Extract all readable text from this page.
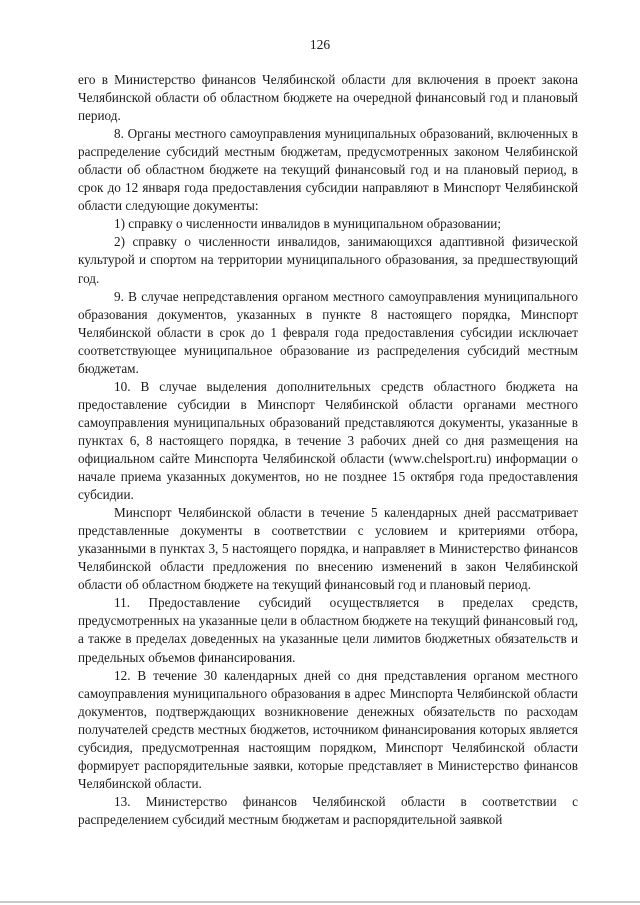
126

его в Министерство финансов Челябинской области для включения в проект закона Челябинской области об областном бюджете на очередной финансовый год и плановый период.

8. Органы местного самоуправления муниципальных образований, включенных в распределение субсидий местным бюджетам, предусмотренных законом Челябинской области об областном бюджете на текущий финансовый год и на плановый период, в срок до 12 января года предоставления субсидии направляют в Минспорт Челябинской области следующие документы:

1) справку о численности инвалидов в муниципальном образовании;

2) справку о численности инвалидов, занимающихся адаптивной физической культурой и спортом на территории муниципального образования, за предшествующий год.

9. В случае непредставления органом местного самоуправления муниципального образования документов, указанных в пункте 8 настоящего порядка, Минспорт Челябинской области в срок до 1 февраля года предоставления субсидии исключает соответствующее муниципальное образование из распределения субсидий местным бюджетам.

10. В случае выделения дополнительных средств областного бюджета на предоставление субсидии в Минспорт Челябинской области органами местного самоуправления муниципальных образований представляются документы, указанные в пунктах 6, 8 настоящего порядка, в течение 3 рабочих дней со дня размещения на официальном сайте Минспорта Челябинской области (www.chelsport.ru) информации о начале приема указанных документов, но не позднее 15 октября года предоставления субсидии.

Минспорт Челябинской области в течение 5 календарных дней рассматривает представленные документы в соответствии с условием и критериями отбора, указанными в пунктах 3, 5 настоящего порядка, и направляет в Министерство финансов Челябинской области предложения по внесению изменений в закон Челябинской области об областном бюджете на текущий финансовый год и плановый период.

11. Предоставление субсидий осуществляется в пределах средств, предусмотренных на указанные цели в областном бюджете на текущий финансовый год, а также в пределах доведенных на указанные цели лимитов бюджетных обязательств и предельных объемов финансирования.

12. В течение 30 календарных дней со дня представления органом местного самоуправления муниципального образования в адрес Минспорта Челябинской области документов, подтверждающих возникновение денежных обязательств по расходам получателей средств местных бюджетов, источником финансирования которых является субсидия, предусмотренная настоящим порядком, Минспорт Челябинской области формирует распорядительные заявки, которые представляет в Министерство финансов Челябинской области.

13. Министерство финансов Челябинской области в соответствии с распределением субсидий местным бюджетам и распорядительной заявкой
